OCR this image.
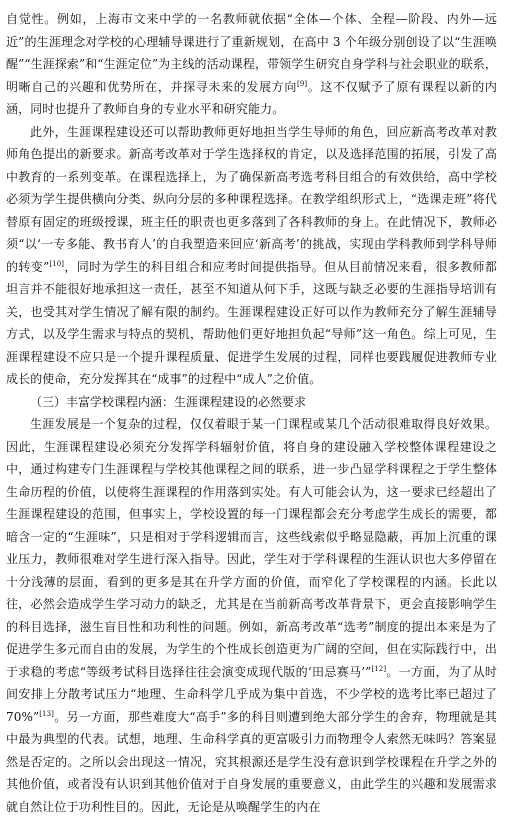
自觉性。例如，上海市文来中学的一名教师就依据“全体—个体、全程—阶段、内外—远近”的生涯理念对学校的心理辅导课进行了重新规划，在高中 3 个年级分别创设了以“生涯唤醒”“生涯探索”和“生涯定位”为主线的活动课程，带领学生研究自身学科与社会职业的联系，明晰自己的兴趣和优势所在，并探寻未来的发展方向[9]。这不仅赋予了原有课程以新的内涵，同时也提升了教师自身的专业水平和研究能力。

此外，生涯课程建设还可以帮助教师更好地担当学生导师的角色，回应新高考改革对教师角色提出的新要求。新高考改革对于学生选择权的肯定，以及选择范围的拓展，引发了高中教育的一系列变革。在课程选择上，为了确保新高考选考科目组合的有效供给，高中学校必须为学生提供横向分类、纵向分层的多种课程选择。在教学组织形式上，“选课走班”将代替原有固定的班级授课，班主任的职责也更多落到了各科教师的身上。在此情况下，教师必须“以‘一专多能、教书育人’的自我塑造来回应‘新高考’的挑战，实现由学科教师到学科导师的转变”[10]，同时为学生的科目组合和应考时间提供指导。但从目前情况来看，很多教师都坦言并不能很好地承担这一责任，甚至不知道从何下手，这既与缺乏必要的生涯指导培训有关，也受其对学生情况了解有限的制约。生涯课程建设正好可以作为教师充分了解生涯辅导方式，以及学生需求与特点的契机，帮助他们更好地担负起“导师”这一角色。综上可见，生涯课程建设不应只是一个提升课程质量、促进学生发展的过程，同样也要践履促进教师专业成长的使命，充分发挥其在“成事”的过程中“成人”之价值。

（三）丰富学校课程内涵：生涯课程建设的必然要求

生涯发展是一个复杂的过程，仅仅着眼于某一门课程或某几个活动很难取得良好效果。因此，生涯课程建设必须充分发挥学科辐射价值，将自身的建设融入学校整体课程建设之中，通过构建专门生涯课程与学校其他课程之间的联系，进一步凸显学科课程之于学生整体生命历程的价值，以使将生涯课程的作用落到实处。有人可能会认为，这一要求已经超出了生涯课程建设的范围，但事实上，学校设置的每一门课程都会充分考虑学生成长的需要，都暗含一定的“生涯味”，只是相对于学科逻辑而言，这些线索似乎略显隐蔽，再加上沉重的课业压力，教师很难对学生进行深入指导。因此，学生对于学科课程的生涯认识也大多停留在十分浅薄的层面，看到的更多是其在升学方面的价值，而窄化了学校课程的内涵。长此以往，必然会造成学生学习动力的缺乏，尤其是在当前新高考改革背景下，更会直接影响学生的科目选择，滋生盲目性和功利性的问题。例如，新高考改革“选考”制度的提出本来是为了促进学生多元而自由的发展，为学生的个性成长创造更为广阔的空间，但在实际践行中，出于求稳的考虑“等级考试科目选择往往会演变成现代版的‘田忌赛马’”[12]。一方面，为了从时间安排上分散考试压力“地理、生命科学几乎成为集中首选，不少学校的选考比率已超过了 70%”[13]。另一方面，那些难度大“高手”多的科目则遭到绝大部分学生的舍弃，物理就是其中最为典型的代表。试想，地理、生命科学真的更富吸引力而物理令人索然无味吗？答案显然是否定的。之所以会出现这一情况，究其根源还是学生没有意识到学校课程在升学之外的其他价值，或者没有认识到其他价值对于自身发展的重要意义，由此学生的兴趣和发展需求就自然让位于功利性目的。因此，无论是从唤醒学生的内在
